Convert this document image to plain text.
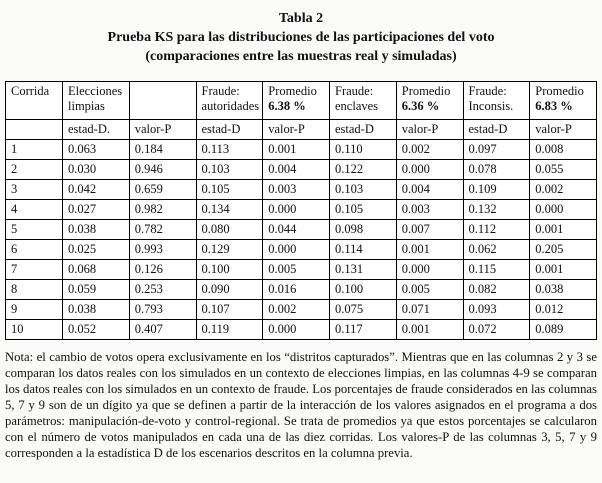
Tabla 2
Prueba KS para las distribuciones de las participaciones del voto
(comparaciones entre las muestras real y simuladas)
Corrida	Elecciones limpias		Fraude: autoridades	Promedio 6.38 %	Fraude: enclaves	Promedio 6.36 %	Fraude: Inconsis.	Promedio 6.83 %
	estad-D.	valor-P	estad-D	valor-P	estad-D	valor-P	estad-D	valor-P
1	0.063	0.184	0.113	0.001	0.110	0.002	0.097	0.008
2	0.030	0.946	0.103	0.004	0.122	0.000	0.078	0.055
3	0.042	0.659	0.105	0.003	0.103	0.004	0.109	0.002
4	0.027	0.982	0.134	0.000	0.105	0.003	0.132	0.000
5	0.038	0.782	0.080	0.044	0.098	0.007	0.112	0.001
6	0.025	0.993	0.129	0.000	0.114	0.001	0.062	0.205
7	0.068	0.126	0.100	0.005	0.131	0.000	0.115	0.001
8	0.059	0.253	0.090	0.016	0.100	0.005	0.082	0.038
9	0.038	0.793	0.107	0.002	0.075	0.071	0.093	0.012
10	0.052	0.407	0.119	0.000	0.117	0.001	0.072	0.089

Nota: el cambio de votos opera exclusivamente en los “distritos capturados”. Mientras que en las columnas 2 y 3 se comparan los datos reales con los simulados en un contexto de elecciones limpias, en las columnas 4-9 se comparan los datos reales con los simulados en un contexto de fraude. Los porcentajes de fraude considerados en las columnas 5, 7 y 9 son de un dígito ya que se definen a partir de la interacción de los valores asignados en el programa a dos parámetros: manipulación-de-voto y control-regional. Se trata de promedios ya que estos porcentajes se calcularon con el número de votos manipulados en cada una de las diez corridas. Los valores-P de las columnas 3, 5, 7 y 9 corresponden a la estadística D de los escenarios descritos en la columna previa.
